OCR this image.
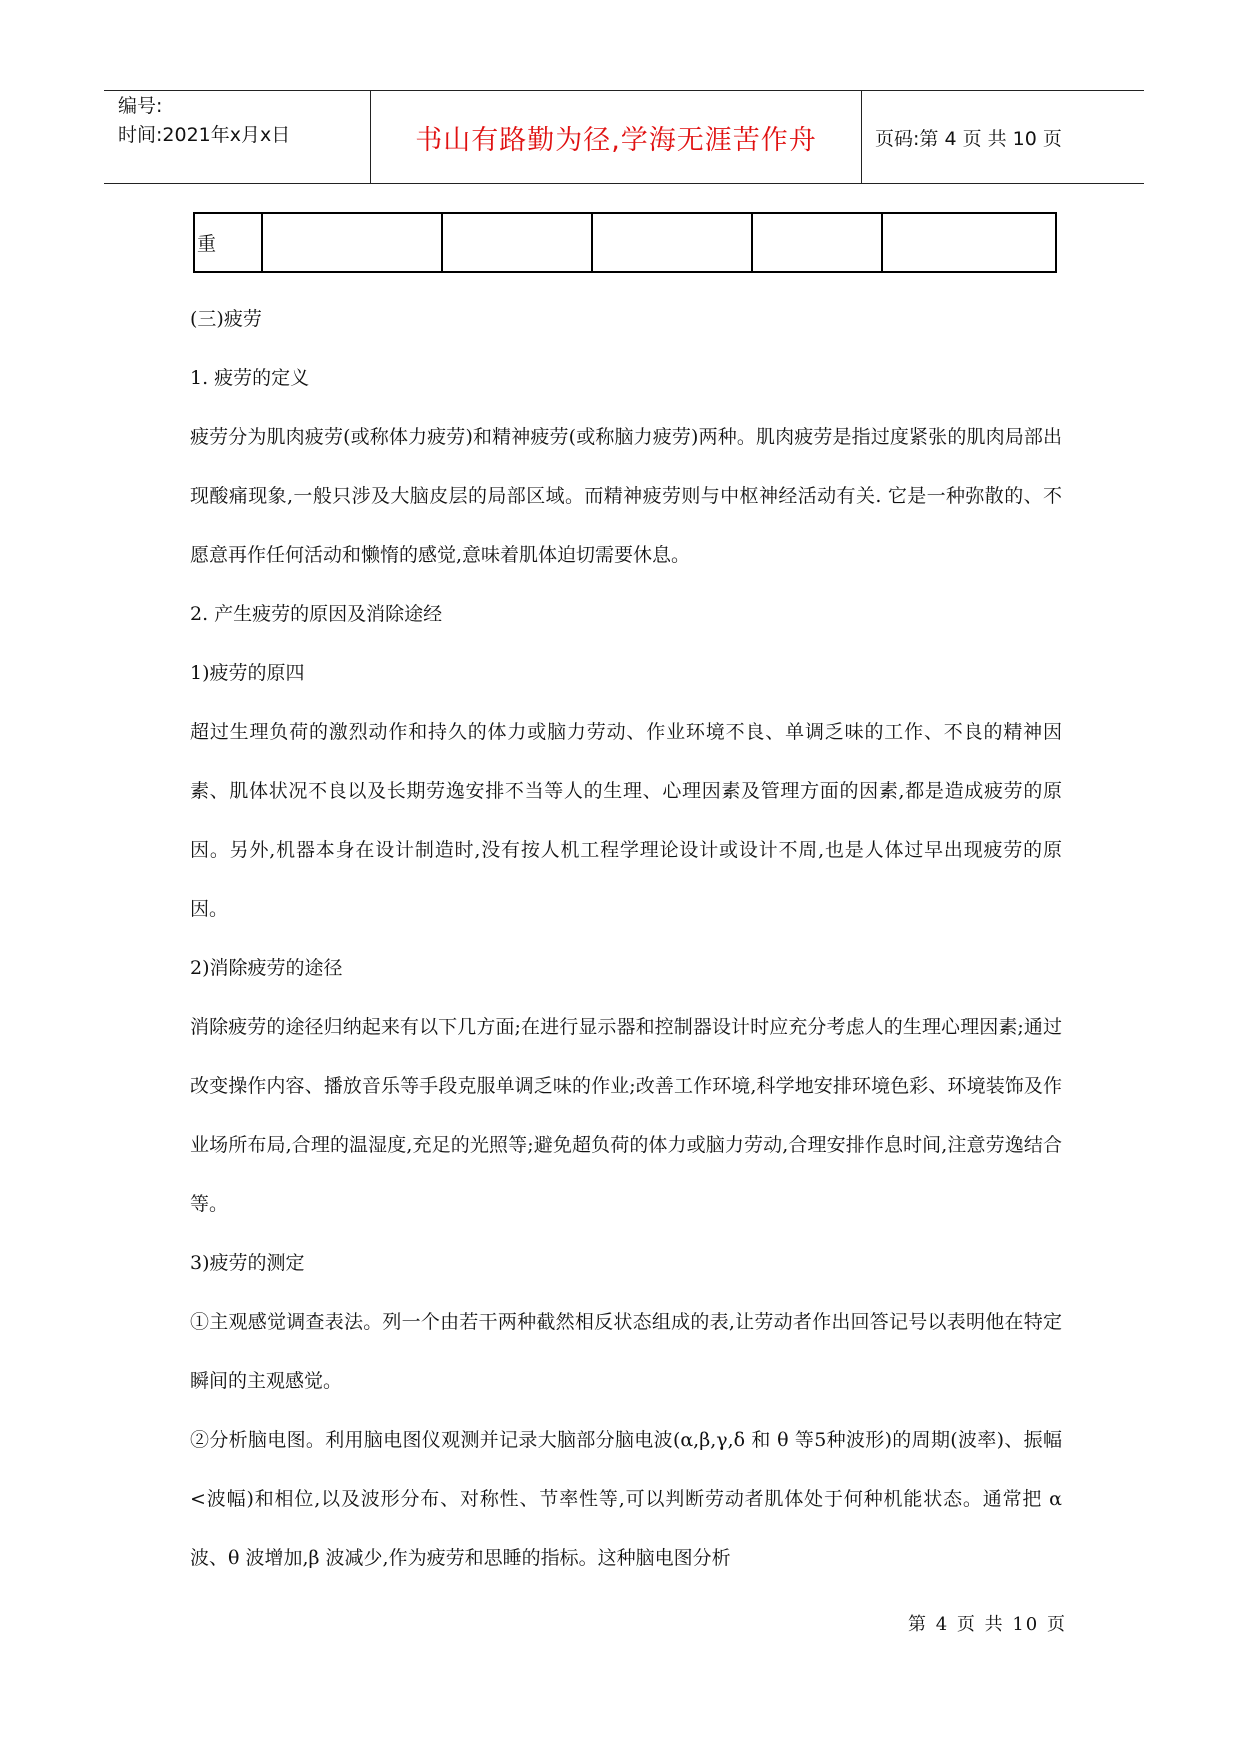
编号:
时间:2021年x月x日	书山有路勤为径,学海无涯苦作舟	页码:第 4 页 共 10 页
重					

(三)疲劳

1. 疲劳的定义

疲劳分为肌肉疲劳(或称体力疲劳)和精神疲劳(或称脑力疲劳)两种。肌肉疲劳是指过度紧张的肌肉局部出现酸痛现象,一般只涉及大脑皮层的局部区域。而精神疲劳则与中枢神经活动有关. 它是一种弥散的、不愿意再作任何活动和懒惰的感觉,意味着肌体迫切需要休息。

2. 产生疲劳的原因及消除途经

1)疲劳的原四

超过生理负荷的激烈动作和持久的体力或脑力劳动、作业环境不良、单调乏味的工作、不良的精神因素、肌体状况不良以及长期劳逸安排不当等人的生理、心理因素及管理方面的因素,都是造成疲劳的原因。另外,机器本身在设计制造时,没有按人机工程学理论设计或设计不周,也是人体过早出现疲劳的原因。

2)消除疲劳的途径

消除疲劳的途径归纳起来有以下几方面;在进行显示器和控制器设计时应充分考虑人的生理心理因素;通过改变操作内容、播放音乐等手段克服单调乏味的作业;改善工作环境,科学地安排环境色彩、环境装饰及作业场所布局,合理的温湿度,充足的光照等;避免超负荷的体力或脑力劳动,合理安排作息时间,注意劳逸结合等。

3)疲劳的测定

①主观感觉调查表法。列一个由若干两种截然相反状态组成的表,让劳动者作出回答记号以表明他在特定瞬间的主观感觉。

②分析脑电图。利用脑电图仪观测并记录大脑部分脑电波(α,β,γ,δ 和 θ 等5种波形)的周期(波率)、振幅<波幅)和相位,以及波形分布、对称性、节率性等,可以判断劳动者肌体处于何种机能状态。通常把 α 波、θ 波增加,β 波减少,作为疲劳和思睡的指标。这种脑电图分析

第 4 页 共 10 页
